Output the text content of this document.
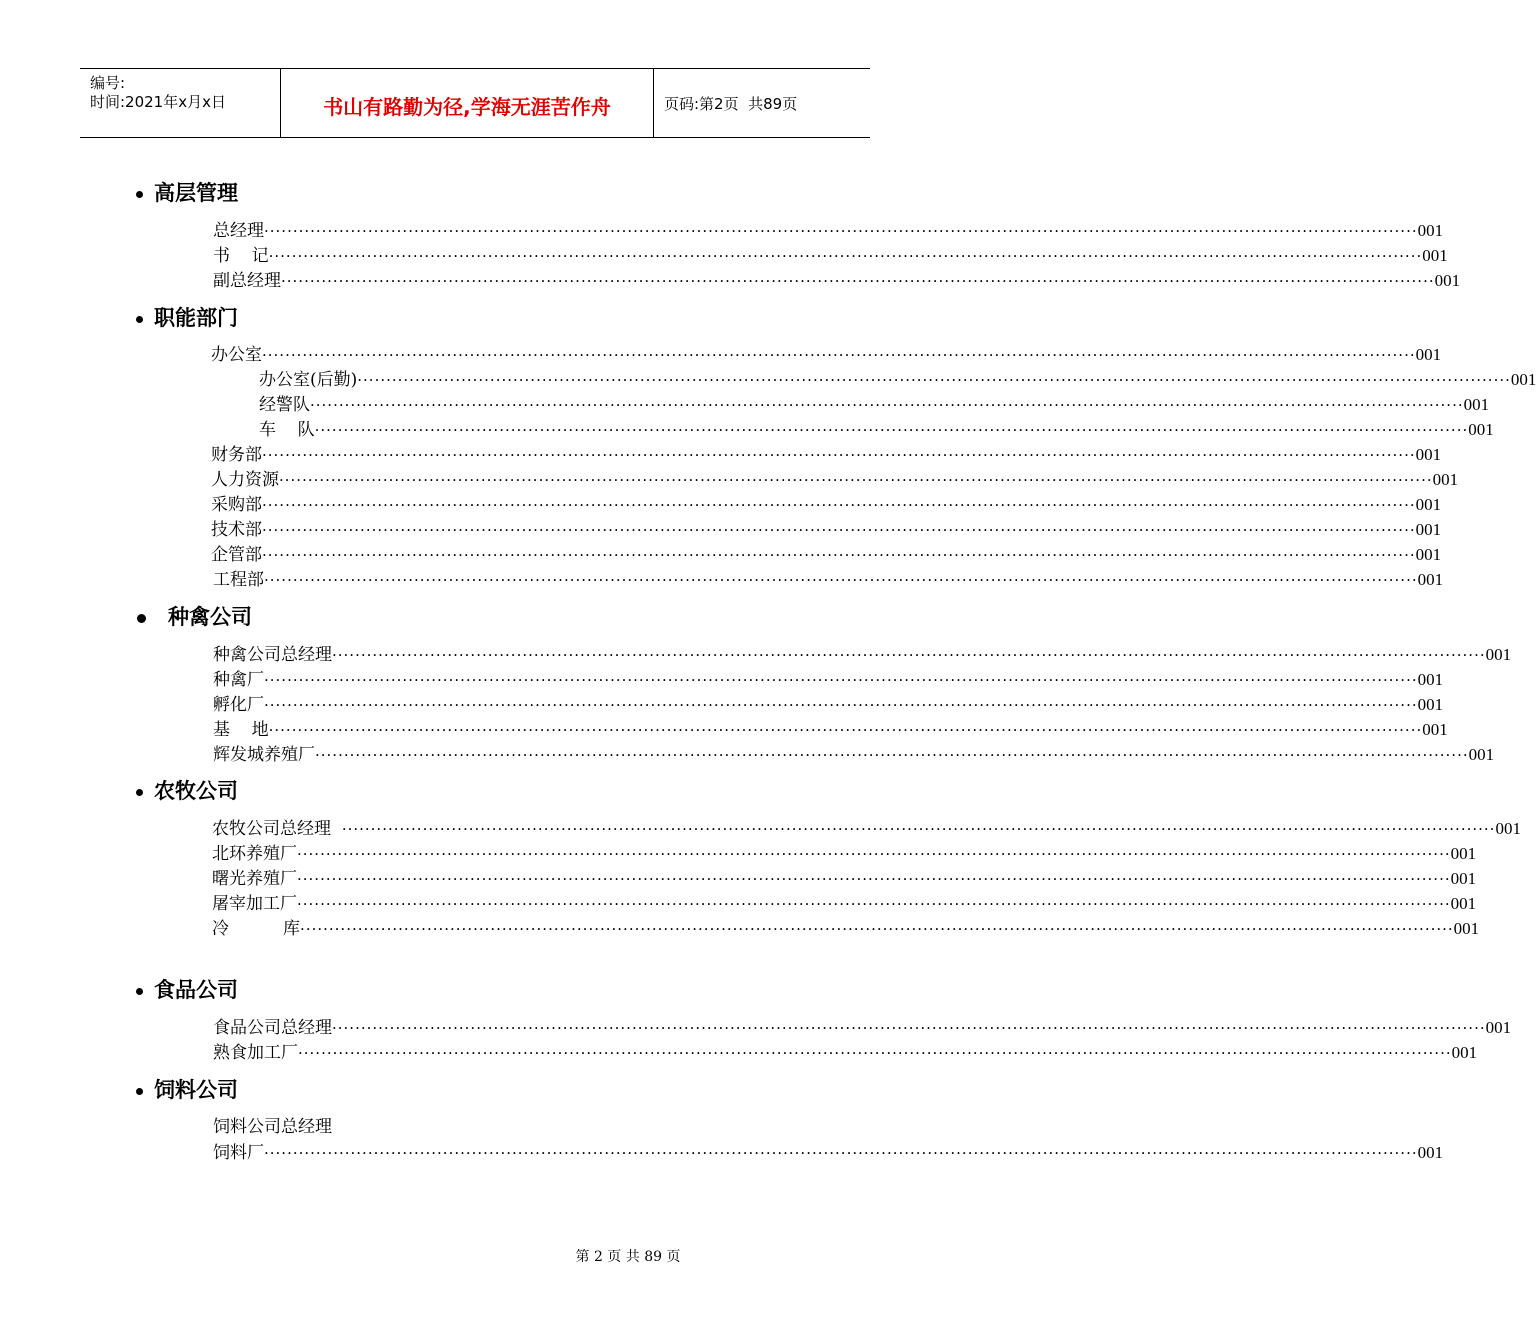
编号:
时间:2021年x月x日	书山有路勤为径,学海无涯苦作舟	页码:第2页  共89页
高层管理
总经理 ········································································································································································································ 001
书    记 ········································································································································································································ 001
副总经理 ········································································································································································································ 001
职能部门
办公室 ········································································································································································································ 001
办公室(后勤) ········································································································································································································ 001
经警队 ········································································································································································································ 001
车    队 ········································································································································································································ 001
财务部 ········································································································································································································ 001
人力资源 ········································································································································································································ 001
采购部 ········································································································································································································ 001
技术部 ········································································································································································································ 001
企管部 ········································································································································································································ 001
工程部 ········································································································································································································ 001
种禽公司
种禽公司总经理 ········································································································································································································ 001
种禽厂 ········································································································································································································ 001
孵化厂 ········································································································································································································ 001
基    地 ········································································································································································································ 001
辉发城养殖厂 ········································································································································································································ 001
农牧公司
农牧公司总经理 ········································································································································································································ 001
北环养殖厂 ········································································································································································································ 001
曙光养殖厂 ········································································································································································································ 001
屠宰加工厂 ········································································································································································································ 001
冷          库 ········································································································································································································ 001
食品公司
食品公司总经理 ········································································································································································································ 001
熟食加工厂 ········································································································································································································ 001
饲料公司
饲料公司总经理
饲料厂 ········································································································································································································ 001
第 2 页 共 89 页
